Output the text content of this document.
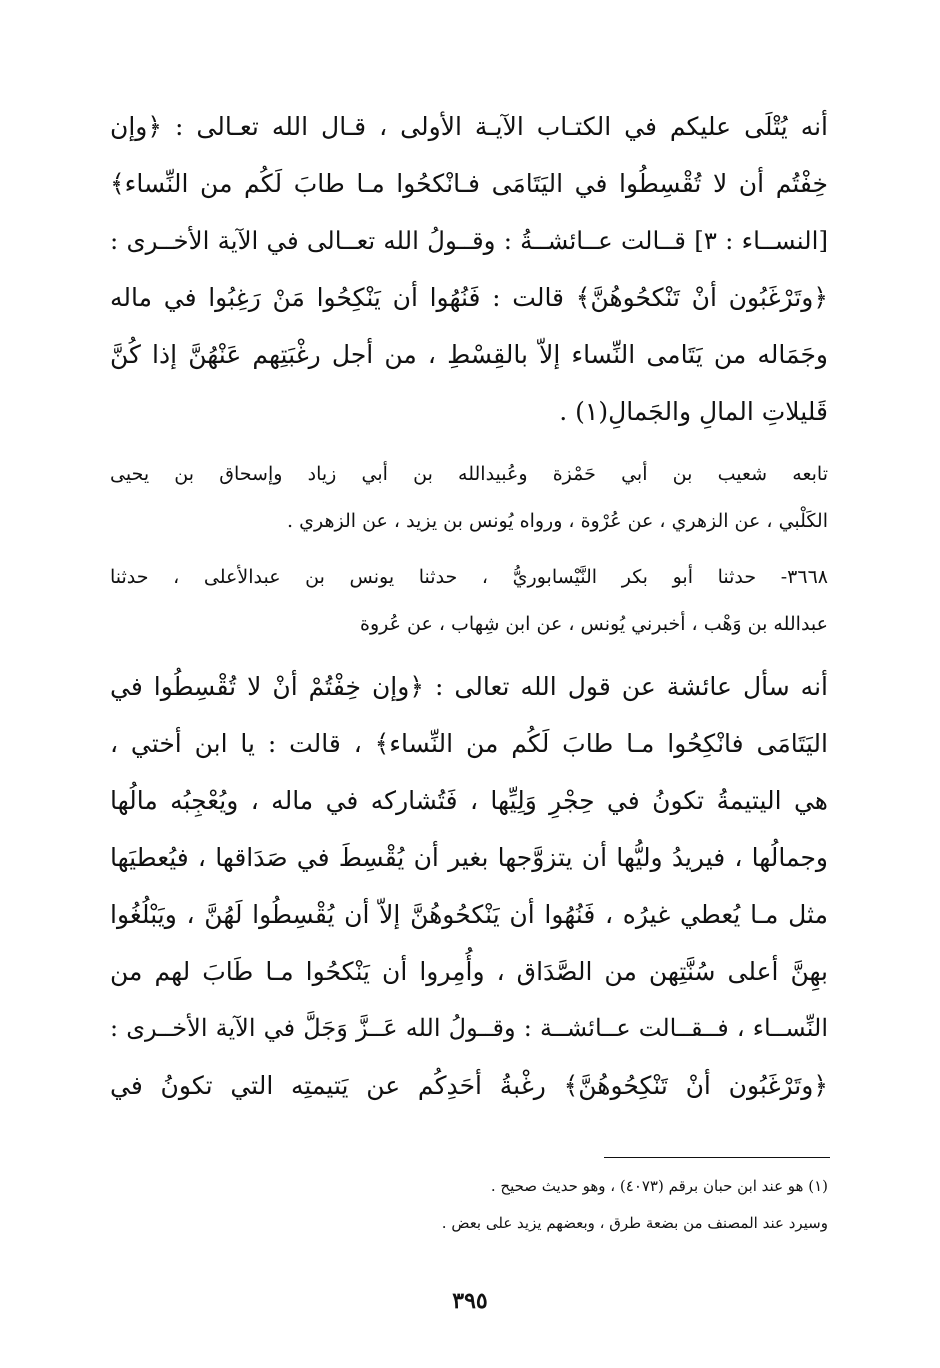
أنه يُتْلَى عليكم في الكتـاب الآيـة الأولى ، قـال الله تعـالى : ﴿وإن
خِفْتُم أن لا تُقْسِطُوا في اليَتَامَى فـانْكحُوا مـا طابَ لَكُم من النِّساء﴾
[النســاء : ٣] قــالت عــائشــةُ : وقــولُ الله تعــالى في الآية الأخــرى :
﴿وتَرْغَبُون أنْ تَنْكحُوهُنَّ﴾ قالت : فَنُهُوا أن يَنْكِحُوا مَنْ رَغِبُوا في ماله
وجَمَاله من يَتَامى النِّساء إلاّ بالقِسْطِ ، من أجل رغْبَتِهم عَنْهُنَّ إذا كُنَّ
قَليلاتِ المالِ والجَمالِ(١) .
تابعه شعيب بن أبي حَمْزة وعُبيدالله بن أبي زياد وإسحاق بن يحيى
الكَلْبي ، عن الزهري ، عن عُرْوة ، ورواه يُونس بن يزيد ، عن الزهري .
٣٦٦٨- حدثنا أبو بكر النَّيْسابوريُّ ، حدثنا يونس بن عبدالأعلى ، حدثنا
عبدالله بن وَهْب ، أخبرني يُونس ، عن ابن شِهاب ، عن عُروة
أنه سأل عائشة عن قول الله تعالى : ﴿وإن خِفْتُمْ أنْ لا تُقْسِطُوا في
اليَتَامَى فانْكِحُوا مـا طابَ لَكُم من النِّساء﴾ ، قالت : يا ابن أختي ،
هي اليتيمةُ تكونُ في حِجْرِ وَلِيِّها ، فَتُشاركه في ماله ، ويُعْجِبُه مالُها
وجمالُها ، فيريدُ وليُّها أن يتزوَّجها بغير أن يُقْسِطَ في صَدَاقها ، فيُعطيَها
مثل مـا يُعطي غيرُه ، فَنُهُوا أن يَنْكحُوهُنَّ إلاّ أن يُقْسِطُوا لَهُنَّ ، ويَبْلُغُوا
بهِنَّ أعلى سُنَّتِهن من الصَّدَاق ، وأُمِروا أن يَنْكحُوا مـا طَابَ لهم من
النِّســاء ، فــقــالت عــائشــة : وقــولُ الله عَــزَّ وَجَلَّ في الآية الأخــرى :
﴿وتَرْغَبُون أنْ تَنْكِحُوهُنَّ﴾ رغْبةُ أحَدِكُم عن يَتيمتِه التي تكونُ في
(١) هو عند ابن حبان برقم (٤٠٧٣) ، وهو حديث صحيح .
وسيرد عند المصنف من بضعة طرق ، وبعضهم يزيد على بعض .
٣٩٥
